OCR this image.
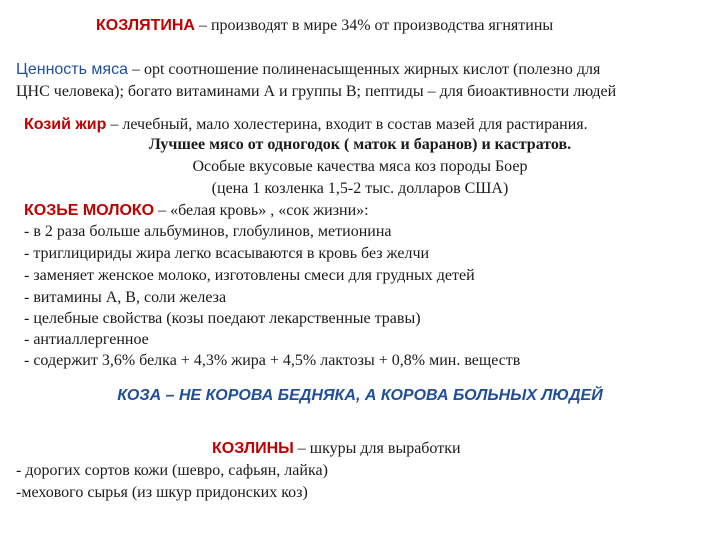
КОЗЛЯТИНА – производят в мире 34% от производства ягнятины
Ценность мяса – opt соотношение полиненасыщенных жирных кислот (полезно для
ЦНС человека); богато витаминами А и группы В; пептиды – для биоактивности людей
Козий жир – лечебный, мало холестерина, входит в состав мазей для растирания.
Лучшее мясо от одногодок ( маток и баранов) и кастратов.
Особые вкусовые качества мяса коз породы Боер
(цена 1 козленка 1,5-2 тыс. долларов США)
КОЗЬЕ МОЛОКО – «белая кровь» , «сок жизни»:
- в 2 раза больше альбуминов, глобулинов, метионина
- триглицириды жира легко всасываются в кровь без желчи
- заменяет женское молоко, изготовлены смеси для грудных детей
- витамины А, В, соли железа
- целебные свойства (козы поедают лекарственные травы)
- антиаллергенное
- содержит 3,6% белка + 4,3% жира + 4,5% лактозы + 0,8% мин. веществ
КОЗА – НЕ КОРОВА БЕДНЯКА, А КОРОВА БОЛЬНЫХ ЛЮДЕЙ
КОЗЛИНЫ – шкуры для выработки
- дорогих сортов кожи (шевро, сафьян, лайка)
-мехового сырья (из шкур придонских коз)
